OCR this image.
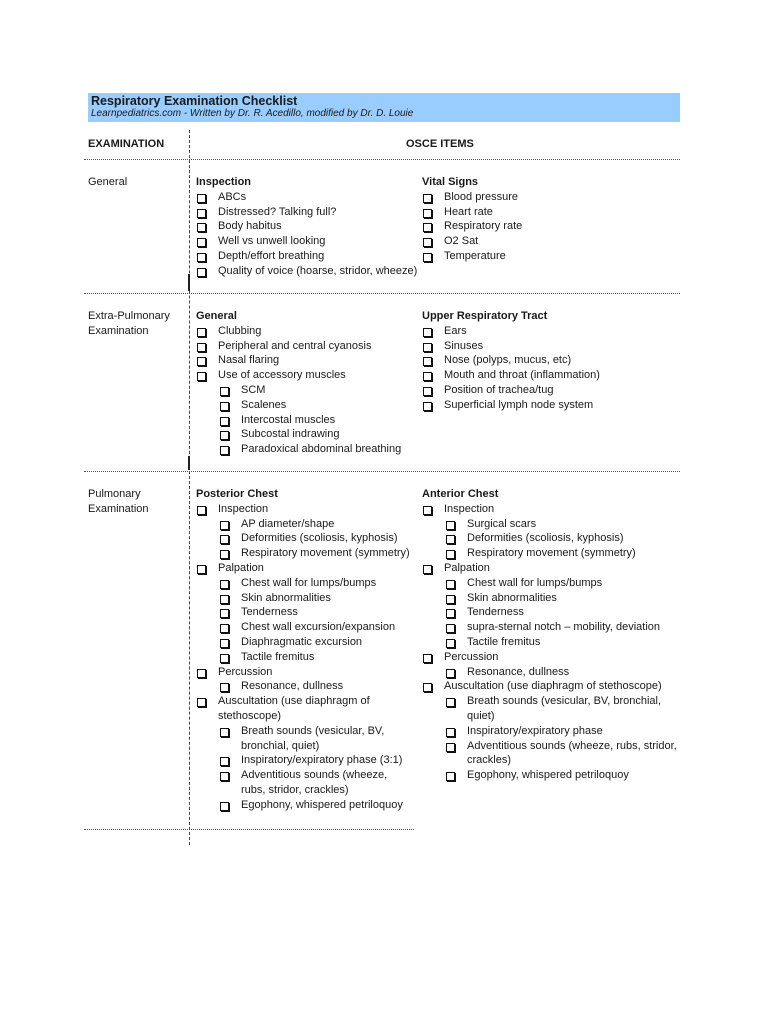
Respiratory Examination Checklist
Learnpediatrics.com - Written by Dr. R. Acedillo, modified by Dr. D. Louie
EXAMINATION	OSCE ITEMS
General	Inspection
ABCs
Distressed? Talking full?
Body habitus
Well vs unwell looking
Depth/effort breathing
Quality of voice (hoarse, stridor, wheeze)
Vital Signs
Blood pressure
Heart rate
Respiratory rate
O2 Sat
Temperature
Extra-Pulmonary
Examination
General
Clubbing
Peripheral and central cyanosis
Nasal flaring
Use of accessory muscles
SCM
Scalenes
Intercostal muscles
Subcostal indrawing
Paradoxical abdominal breathing
Upper Respiratory Tract
Ears
Sinuses
Nose (polyps, mucus, etc)
Mouth and throat (inflammation)
Position of trachea/tug
Superficial lymph node system
Pulmonary
Examination
Posterior Chest
Inspection
AP diameter/shape
Deformities (scoliosis, kyphosis)
Respiratory movement (symmetry)
Palpation
Chest wall for lumps/bumps
Skin abnormalities
Tenderness
Chest wall excursion/expansion
Diaphragmatic excursion
Tactile fremitus
Percussion
Resonance, dullness
Auscultation (use diaphragm of stethoscope)
Breath sounds (vesicular, BV, bronchial, quiet)
Inspiratory/expiratory phase (3:1)
Adventitious sounds (wheeze, rubs, stridor, crackles)
Egophony, whispered petriloquoy
Anterior Chest
Inspection
Surgical scars
Deformities (scoliosis, kyphosis)
Respiratory movement (symmetry)
Palpation
Chest wall for lumps/bumps
Skin abnormalities
Tenderness
supra-sternal notch – mobility, deviation
Tactile fremitus
Percussion
Resonance, dullness
Auscultation (use diaphragm of stethoscope)
Breath sounds (vesicular, BV, bronchial, quiet)
Inspiratory/expiratory phase
Adventitious sounds (wheeze, rubs, stridor, crackles)
Egophony, whispered petriloquoy
